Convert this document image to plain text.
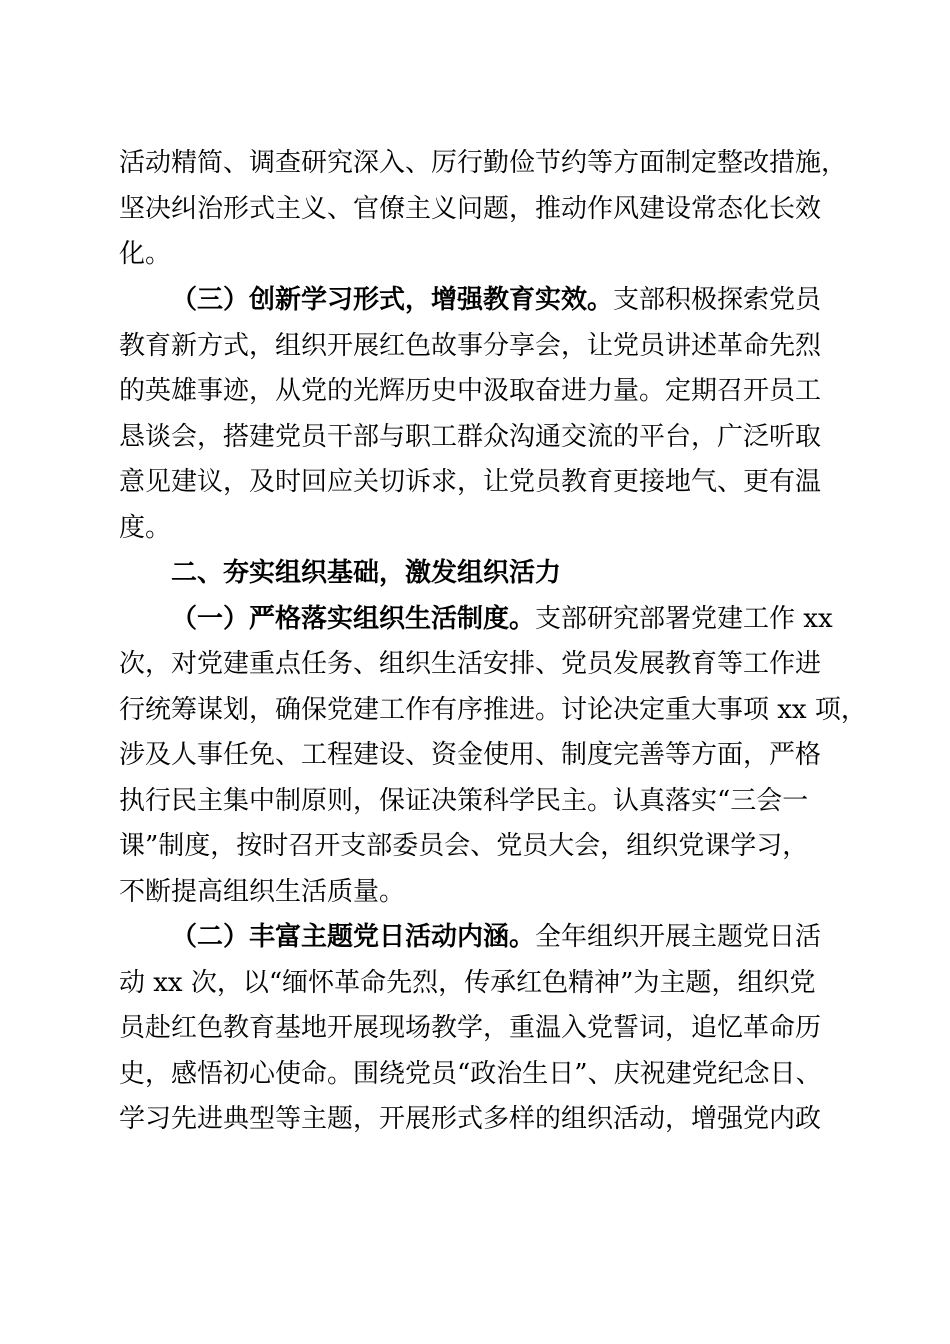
活动精简、调查研究深入、厉行勤俭节约等方面制定整改措施，
坚决纠治形式主义、官僚主义问题，推动作风建设常态化长效
化。
（三）创新学习形式，增强教育实效。支部积极探索党员
教育新方式，组织开展红色故事分享会，让党员讲述革命先烈
的英雄事迹，从党的光辉历史中汲取奋进力量。定期召开员工
恳谈会，搭建党员干部与职工群众沟通交流的平台，广泛听取
意见建议，及时回应关切诉求，让党员教育更接地气、更有温
度。
二、夯实组织基础，激发组织活力
（一）严格落实组织生活制度。支部研究部署党建工作 xx
次，对党建重点任务、组织生活安排、党员发展教育等工作进
行统筹谋划，确保党建工作有序推进。讨论决定重大事项 xx 项，
涉及人事任免、工程建设、资金使用、制度完善等方面，严格
执行民主集中制原则，保证决策科学民主。认真落实“三会一
课”制度，按时召开支部委员会、党员大会，组织党课学习，
不断提高组织生活质量。
（二）丰富主题党日活动内涵。全年组织开展主题党日活
动 xx 次，以“缅怀革命先烈，传承红色精神”为主题，组织党
员赴红色教育基地开展现场教学，重温入党誓词，追忆革命历
史，感悟初心使命。围绕党员“政治生日”、庆祝建党纪念日、
学习先进典型等主题，开展形式多样的组织活动，增强党内政
